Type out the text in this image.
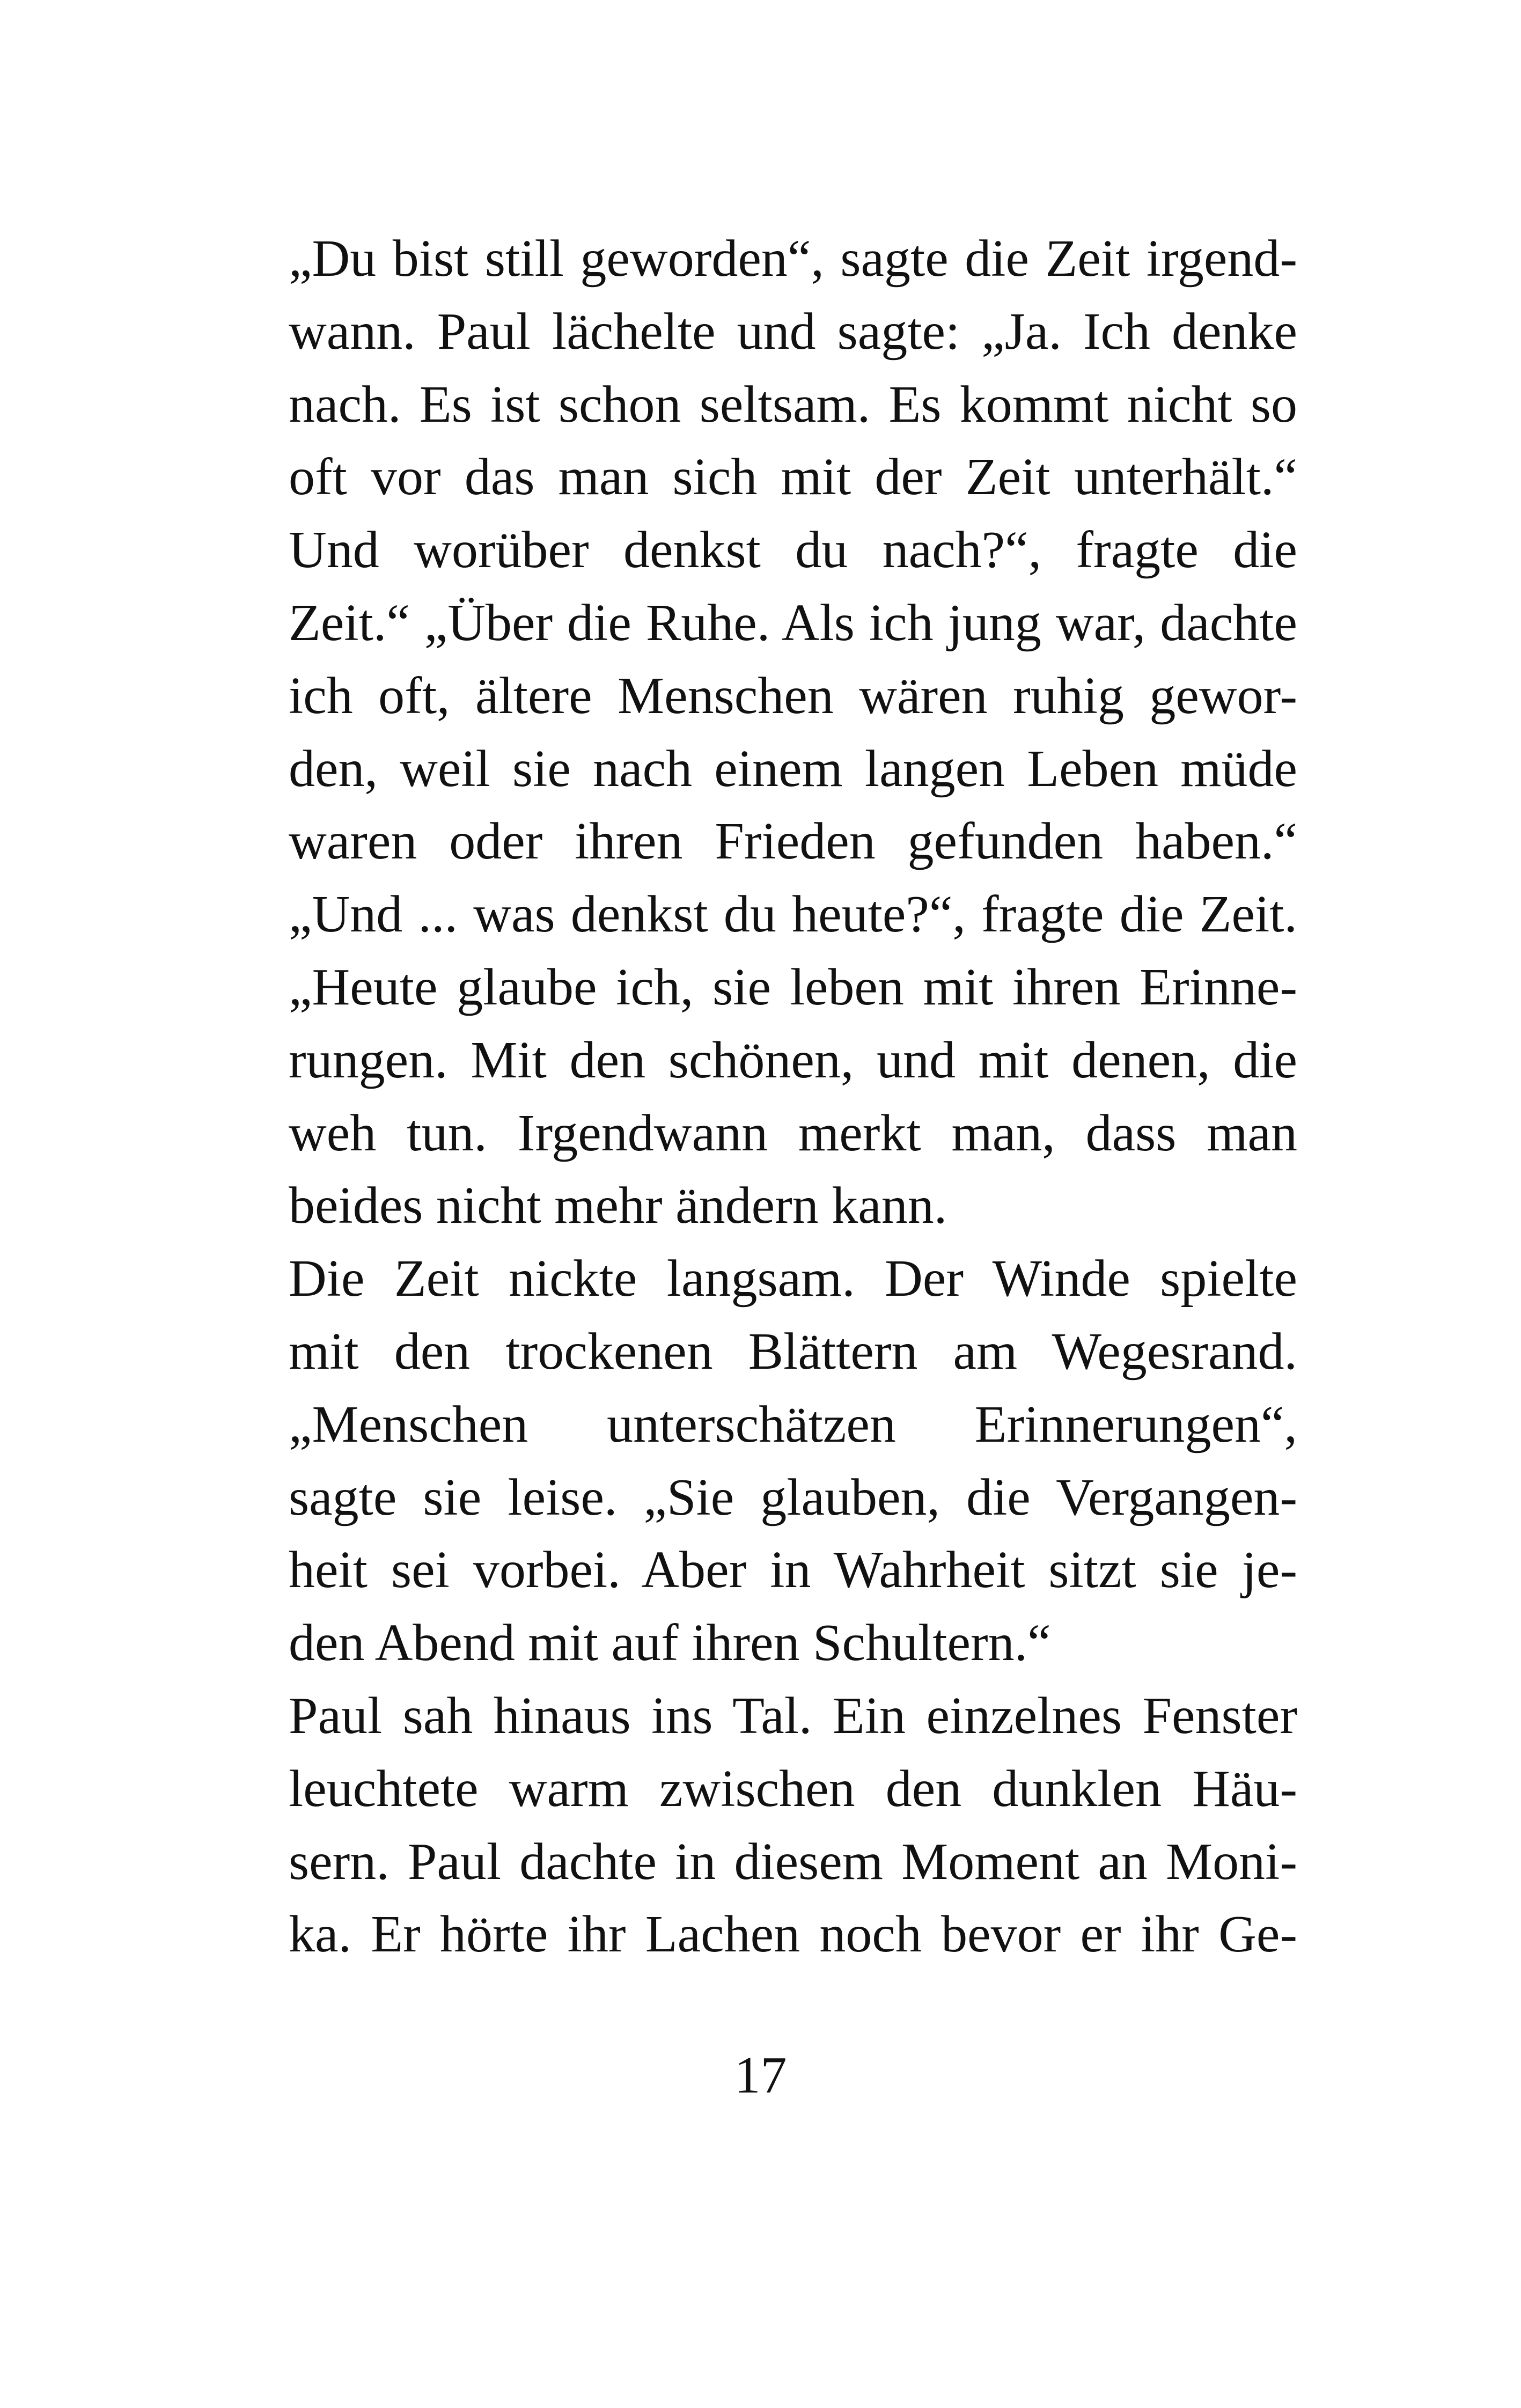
„Du bist still geworden“, sagte die Zeit irgend-
wann. Paul lächelte und sagte: „Ja. Ich denke
nach. Es ist schon seltsam. Es kommt nicht so
oft vor das man sich mit der Zeit unterhält.“
Und worüber denkst du nach?“, fragte die
Zeit.“ „Über die Ruhe. Als ich jung war, dachte
ich oft, ältere Menschen wären ruhig gewor-
den, weil sie nach einem langen Leben müde
waren oder ihren Frieden gefunden haben.“
„Und ... was denkst du heute?“, fragte die Zeit.
„Heute glaube ich, sie leben mit ihren Erinne-
rungen. Mit den schönen, und mit denen, die
weh tun. Irgendwann merkt man, dass man
beides nicht mehr ändern kann.
Die Zeit nickte langsam. Der Winde spielte
mit den trockenen Blättern am Wegesrand.
„Menschen unterschätzen Erinnerungen“,
sagte sie leise. „Sie glauben, die Vergangen-
heit sei vorbei. Aber in Wahrheit sitzt sie je-
den Abend mit auf ihren Schultern.“
Paul sah hinaus ins Tal. Ein einzelnes Fenster
leuchtete warm zwischen den dunklen Häu-
sern. Paul dachte in diesem Moment an Moni-
ka. Er hörte ihr Lachen noch bevor er ihr Ge-
17
